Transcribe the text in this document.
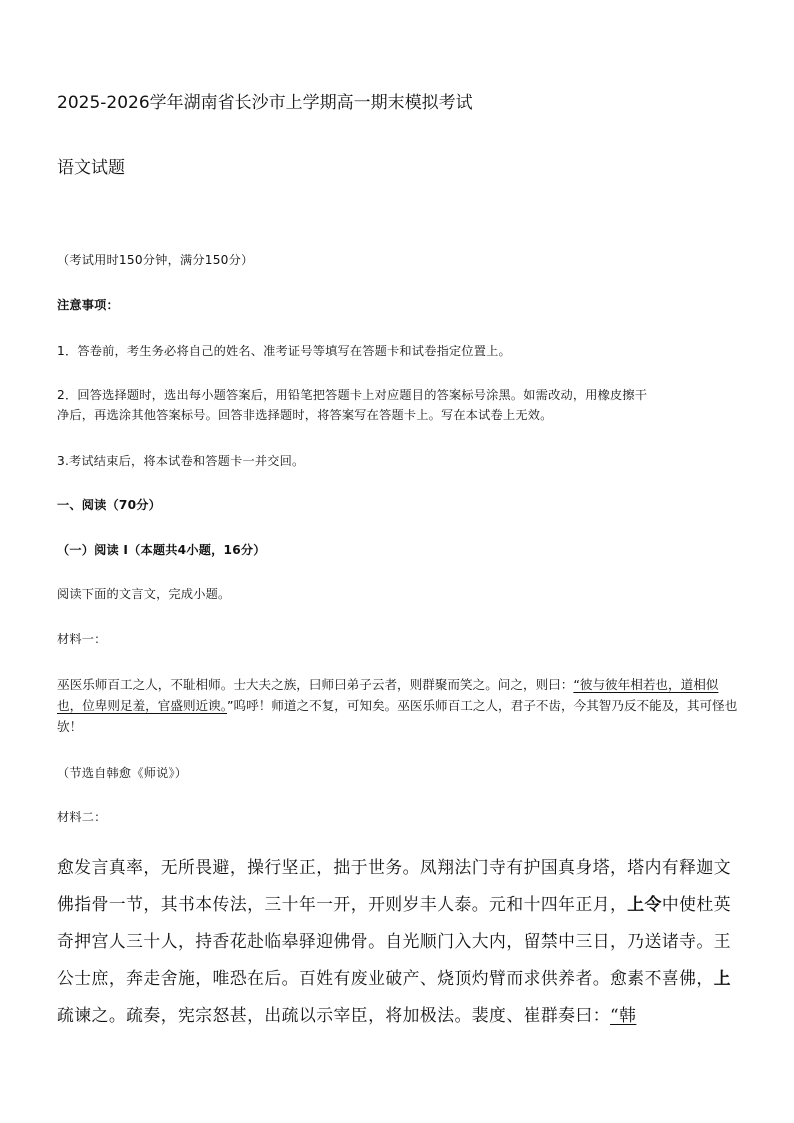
2025-2026学年湖南省长沙市上学期高一期末模拟考试

语文试题

（考试用时150分钟，满分150分）

注意事项：

1．答卷前，考生务必将自己的姓名、准考证号等填写在答题卡和试卷指定位置上。

2．回答选择题时，选出每小题答案后，用铅笔把答题卡上对应题目的答案标号涂黑。如需改动，用橡皮擦干

净后，再选涂其他答案标号。回答非选择题时，将答案写在答题卡上。写在本试卷上无效。

3.考试结束后，将本试卷和答题卡一并交回。

一、阅读（70分）

（一）阅读 I（本题共4小题，16分）

阅读下面的文言文，完成小题。

材料一：

巫医乐师百工之人，不耻相师。士大夫之族，曰师曰弟子云者，则群聚而笑之。问之，则曰：“彼与彼年相若也，道相似也，位卑则足羞，官盛则近谀。”呜呼！师道之不复，可知矣。巫医乐师百工之人，君子不齿，今其智乃反不能及，其可怪也欤！

（节选自韩愈《师说》）

材料二：

愈发言真率，无所畏避，操行坚正，拙于世务。凤翔法门寺有护国真身塔，塔内有释迦文佛指骨一节，其书本传法，三十年一开，开则岁丰人泰。元和十四年正月，上令中使杜英奇押宫人三十人，持香花赴临皋驿迎佛骨。自光顺门入大内，留禁中三日，乃送诸寺。王公士庶，奔走舍施，唯恐在后。百姓有废业破产、烧顶灼臂而求供养者。愈素不喜佛，上疏谏之。疏奏，宪宗怒甚，出疏以示宰臣，将加极法。裴度、崔群奏曰：“韩
